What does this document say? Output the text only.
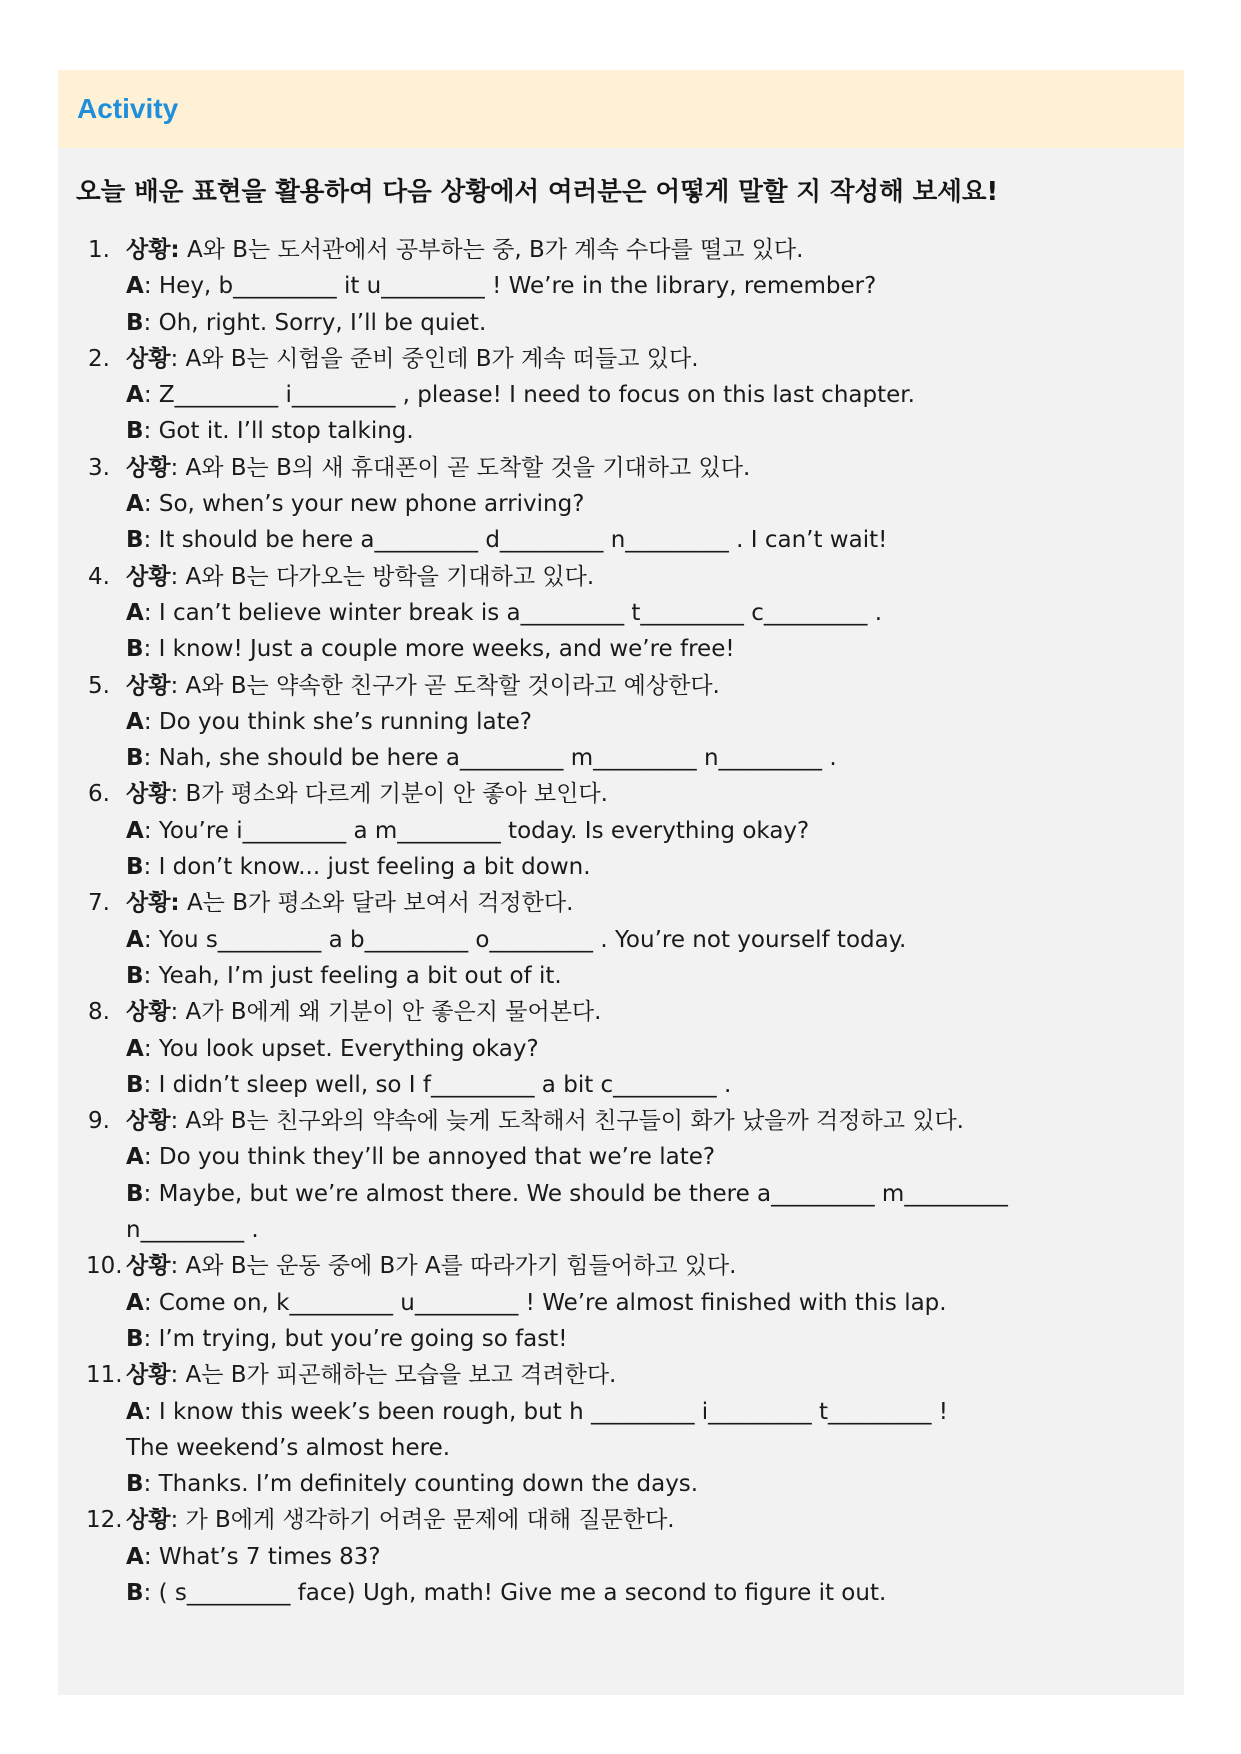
Activity
오늘 배운 표현을 활용하여 다음 상황에서 여러분은 어떻게 말할 지 작성해 보세요!
1. 상황: A와 B는 도서관에서 공부하는 중, B가 계속 수다를 떨고 있다.
A: Hey, b_________ it u_________ ! We’re in the library, remember?
B: Oh, right. Sorry, I’ll be quiet.
2. 상황: A와 B는 시험을 준비 중인데 B가 계속 떠들고 있다.
A: Z_________ i_________ , please! I need to focus on this last chapter.
B: Got it. I’ll stop talking.
3. 상황: A와 B는 B의 새 휴대폰이 곧 도착할 것을 기대하고 있다.
A: So, when’s your new phone arriving?
B: It should be here a_________ d_________ n_________ . I can’t wait!
4. 상황: A와 B는 다가오는 방학을 기대하고 있다.
A: I can’t believe winter break is a_________ t_________ c_________ .
B: I know! Just a couple more weeks, and we’re free!
5. 상황: A와 B는 약속한 친구가 곧 도착할 것이라고 예상한다.
A: Do you think she’s running late?
B: Nah, she should be here a_________ m_________ n_________ .
6. 상황: B가 평소와 다르게 기분이 안 좋아 보인다.
A: You’re i_________ a m_________ today. Is everything okay?
B: I don’t know... just feeling a bit down.
7. 상황: A는 B가 평소와 달라 보여서 걱정한다.
A: You s_________ a b_________ o_________ . You’re not yourself today.
B: Yeah, I’m just feeling a bit out of it.
8. 상황: A가 B에게 왜 기분이 안 좋은지 물어본다.
A: You look upset. Everything okay?
B: I didn’t sleep well, so I f_________ a bit c_________ .
9. 상황: A와 B는 친구와의 약속에 늦게 도착해서 친구들이 화가 났을까 걱정하고 있다.
A: Do you think they’ll be annoyed that we’re late?
B: Maybe, but we’re almost there. We should be there a_________ m_________
n_________ .
10. 상황: A와 B는 운동 중에 B가 A를 따라가기 힘들어하고 있다.
A: Come on, k_________ u_________ ! We’re almost finished with this lap.
B: I’m trying, but you’re going so fast!
11. 상황: A는 B가 피곤해하는 모습을 보고 격려한다.
A: I know this week’s been rough, but h _________ i_________ t_________ !
The weekend’s almost here.
B: Thanks. I’m definitely counting down the days.
12. 상황: 가 B에게 생각하기 어려운 문제에 대해 질문한다.
A: What’s 7 times 83?
B: ( s_________ face) Ugh, math! Give me a second to figure it out.
